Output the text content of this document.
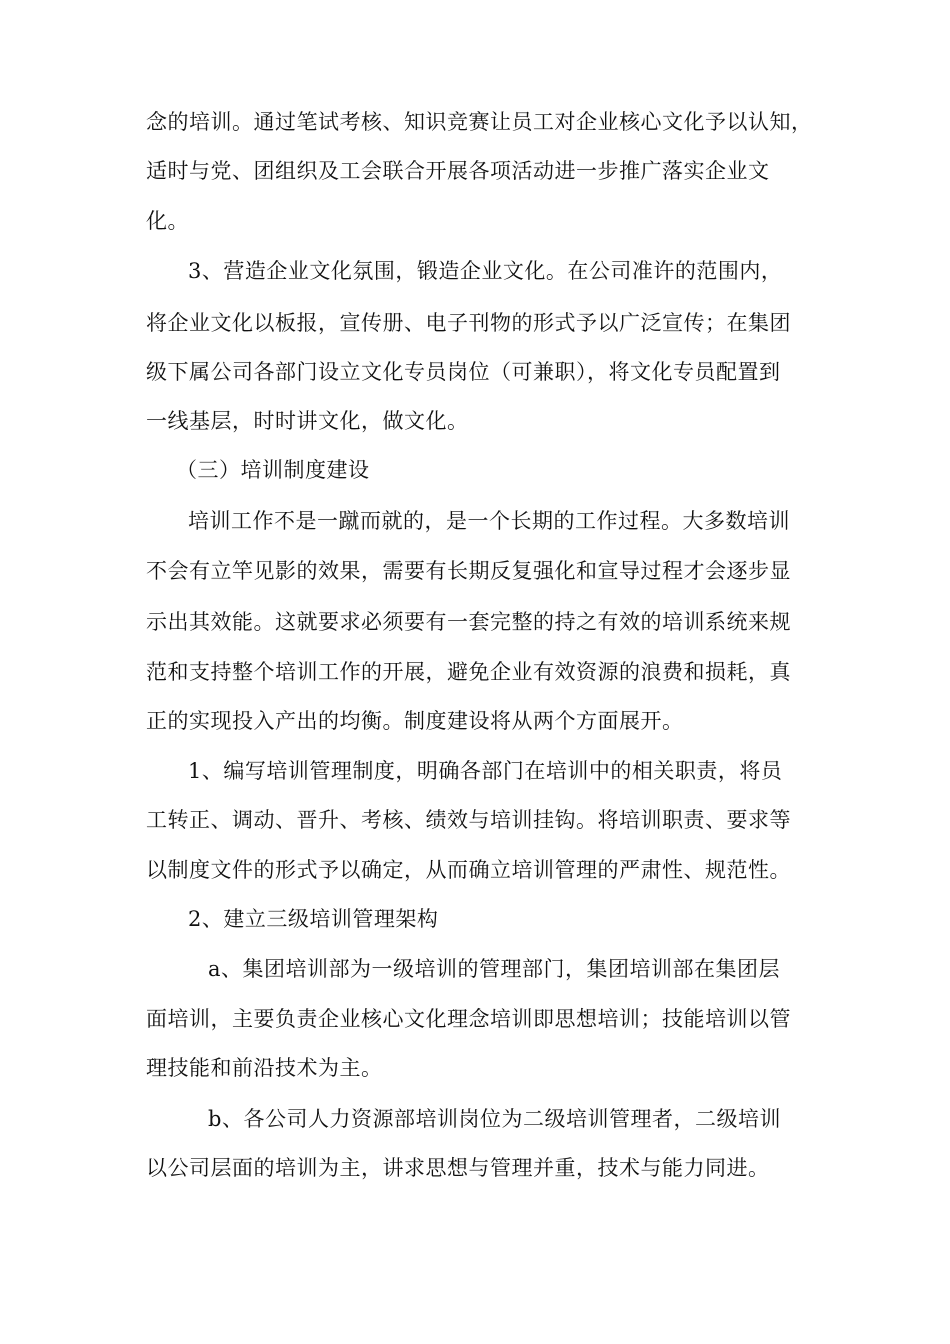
念的培训。通过笔试考核、知识竞赛让员工对企业核心文化予以认知，
适时与党、团组织及工会联合开展各项活动进一步推广落实企业文
化。
3、营造企业文化氛围，锻造企业文化。在公司准许的范围内，
将企业文化以板报，宣传册、电子刊物的形式予以广泛宣传；在集团
级下属公司各部门设立文化专员岗位（可兼职），将文化专员配置到
一线基层，时时讲文化，做文化。
（三）培训制度建设
培训工作不是一蹴而就的，是一个长期的工作过程。大多数培训
不会有立竿见影的效果，需要有长期反复强化和宣导过程才会逐步显
示出其效能。这就要求必须要有一套完整的持之有效的培训系统来规
范和支持整个培训工作的开展，避免企业有效资源的浪费和损耗，真
正的实现投入产出的均衡。制度建设将从两个方面展开。
1、编写培训管理制度，明确各部门在培训中的相关职责，将员
工转正、调动、晋升、考核、绩效与培训挂钩。将培训职责、要求等
以制度文件的形式予以确定，从而确立培训管理的严肃性、规范性。
2、建立三级培训管理架构
a、集团培训部为一级培训的管理部门，集团培训部在集团层
面培训，主要负责企业核心文化理念培训即思想培训；技能培训以管
理技能和前沿技术为主。
b、各公司人力资源部培训岗位为二级培训管理者，二级培训
以公司层面的培训为主，讲求思想与管理并重，技术与能力同进。
